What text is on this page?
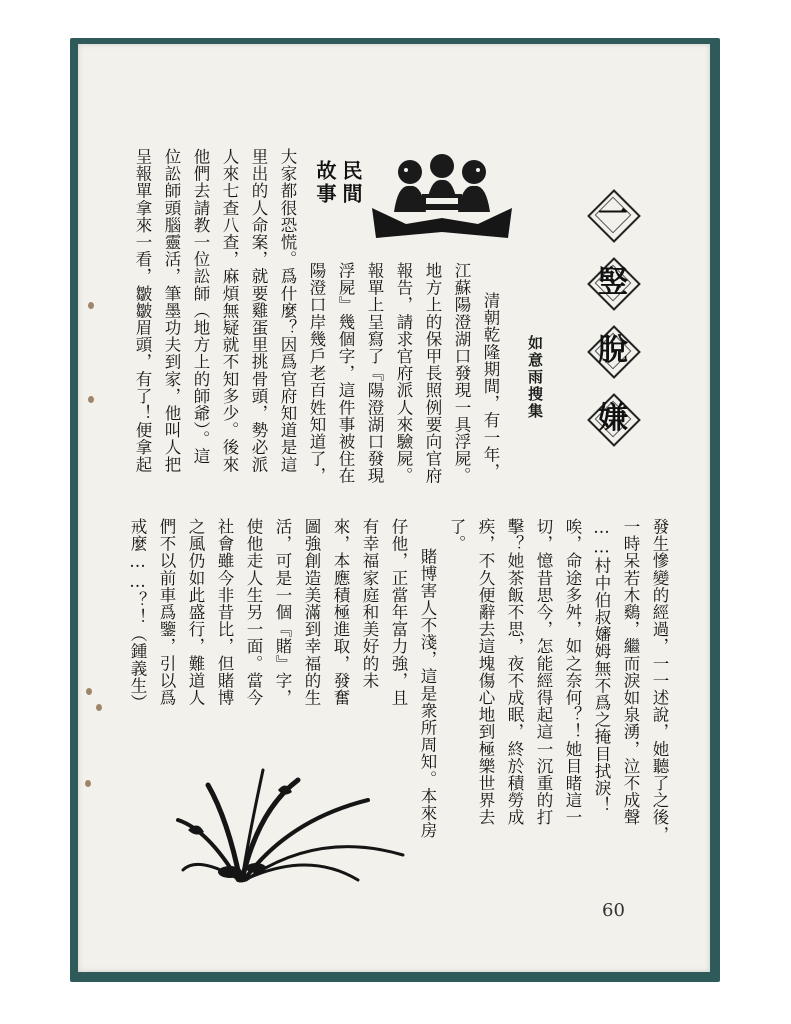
一
竪
脫
嫌
如意雨搜集
民間
故事
清朝乾隆期間，有一年，
江蘇陽澄湖口發現一具浮屍。
地方上的保甲長照例要向官府
報告，請求官府派人來驗屍。
報單上呈寫了『陽澄湖口發現
浮屍』幾個字，這件事被住在
陽澄口岸幾戶老百姓知道了，
大家都很恐慌。爲什麼？因爲官府知道是這
里出的人命案，就要雞蛋里挑骨頭，勢必派
人來七查八查，麻煩無疑就不知多少。後來
他們去請教一位訟師（地方上的師爺）。這
位訟師頭腦靈活，筆墨功夫到家，他叫人把
呈報單拿來一看，皺皺眉頭，有了！便拿起
發生慘變的經過，一一述說，她聽了之後，
一時呆若木鷄，繼而淚如泉湧，泣不成聲
……村中伯叔嬸姆無不爲之掩目拭淚！
唉，命途多舛，如之奈何？！她目睹這一
切，憶昔思今，怎能經得起這一沉重的打
擊？她茶飯不思，夜不成眠，終於積勞成
疾，不久便辭去這塊傷心地到極樂世界去
了。
賭博害人不淺，這是衆所周知。本來房
仔他，正當年富力強，且
有幸福家庭和美好的未
來，本應積極進取，發奮
圖強創造美滿到幸福的生
活，可是一個『賭』字，
使他走人生另一面。當今
社會雖今非昔比，但賭博
之風仍如此盛行，難道人
們不以前車爲鑒，引以爲
戒麼……？！（鍾義生）
60
